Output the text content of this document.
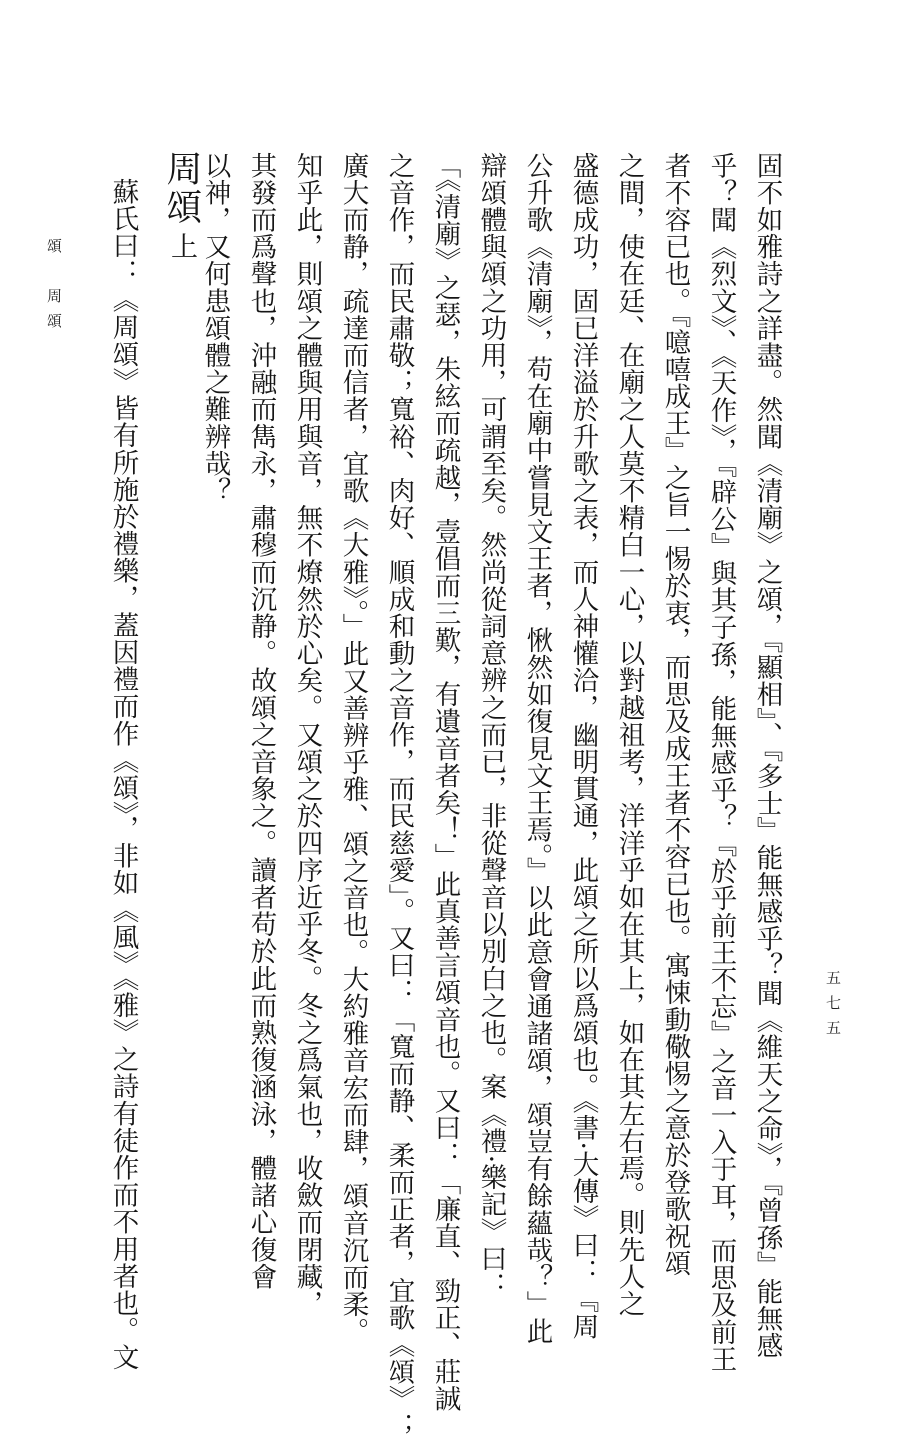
頌　周頌
五七五
固不如雅詩之詳盡。然聞《清廟》之頌，『顯相』、『多士』能無感乎？聞《維天之命》，『曾孫』能無感
乎？聞《烈文》、《天作》，『辟公』與其子孫，能無感乎？『於乎前王不忘』之音一入于耳，而思及前王
者不容已也。『噫嘻成王』之旨一惕於衷，而思及成王者不容已也。寓悚動儆惕之意於登歌祝頌
之間，使在廷、在廟之人莫不精白一心，以對越祖考，洋洋乎如在其上，如在其左右焉。則先人之
盛德成功，固已洋溢於升歌之表，而人神懽洽，幽明貫通，此頌之所以爲頌也。《書·大傳》曰：『周
公升歌《清廟》，苟在廟中嘗見文王者，愀然如復見文王焉。』以此意會通諸頌，頌豈有餘蘊哉？」此
辯頌體與頌之功用，可謂至矣。然尚從詞意辨之而已，非從聲音以別白之也。案《禮·樂記》曰：
「《清廟》之瑟，朱絃而疏越，壹倡而三歎，有遺音者矣！」此真善言頌音也。又曰：「廉直、勁正、莊誠
之音作，而民肅敬；寬裕、肉好、順成和動之音作，而民慈愛」。又曰：「寬而静、柔而正者，宜歌《頌》；
廣大而静，疏達而信者，宜歌《大雅》。」此又善辨乎雅、頌之音也。大約雅音宏而肆，頌音沉而柔。
知乎此，則頌之體與用與音，無不燎然於心矣。又頌之於四序近乎冬。冬之爲氣也，收斂而閉藏，
其發而爲聲也，沖融而雋永，肅穆而沉静。故頌之音象之。讀者苟於此而熟復涵泳，體諸心復會
以神，又何患頌體之難辨哉？
周頌上
蘇氏曰：《周頌》皆有所施於禮樂，蓋因禮而作《頌》，非如《風》《雅》之詩有徒作而不用者也。文
